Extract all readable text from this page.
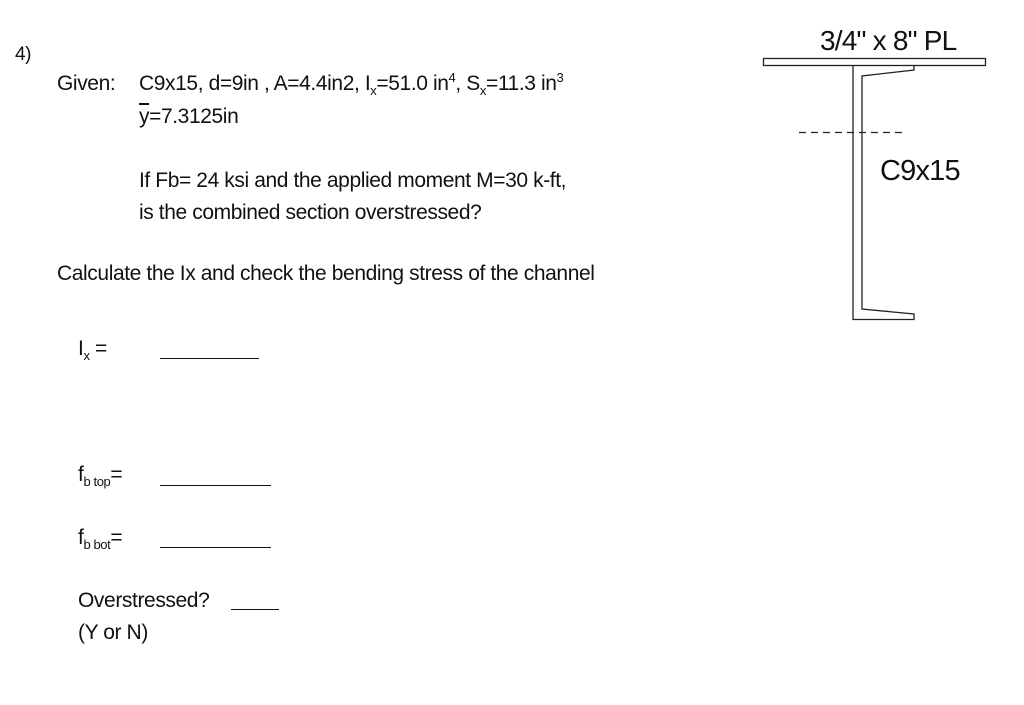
4)
Given: C9x15, d=9in , A=4.4in2, $I_x=51.0$ $in^4$, $S_x=11.3$ $in^3$
$\overline{y}=7.3125in$
If Fb= 24 ksi and the applied moment M=30 k-ft,
is the combined section overstressed?
Calculate the Ix and check the bending stress of the channel
$I_x$ =
$f_{b top}=$
$f_{b bot}=$
Overstressed?
(Y or N)
3/4" x 8" PL
C9x15
